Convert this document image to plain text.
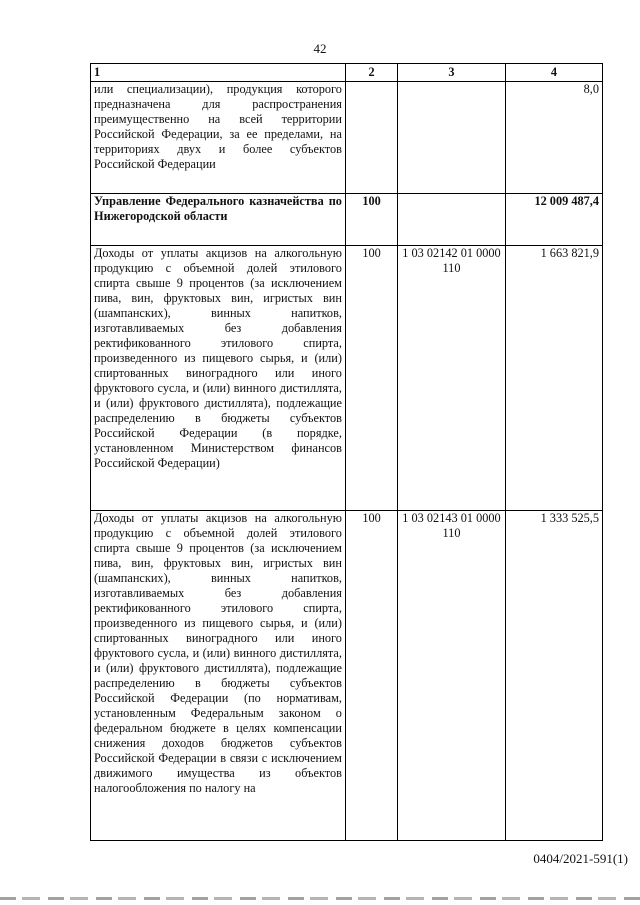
42
1	2	3	4
или специализации), продукция которого предназначена для распространения преимущественно на всей территории Российской Федерации, за ее пределами, на территориях двух и более субъектов Российской Федерации			8,0
Управление Федерального казначейства по Нижегородской области	100		12 009 487,4
Доходы от уплаты акцизов на алкогольную продукцию с объемной долей этилового спирта свыше 9 процентов (за исключением пива, вин, фруктовых вин, игристых вин (шампанских), винных напитков, изготавливаемых без добавления ректификованного этилового спирта, произведенного из пищевого сырья, и (или) спиртованных виноградного или иного фруктового сусла, и (или) винного дистиллята, и (или) фруктового дистиллята), подлежащие распределению в бюджеты субъектов Российской Федерации (в порядке, установленном Министерством финансов Российской Федерации)	100	1 03 02142 01 0000 110	1 663 821,9
Доходы от уплаты акцизов на алкогольную продукцию с объемной долей этилового спирта свыше 9 процентов (за исключением пива, вин, фруктовых вин, игристых вин (шампанских), винных напитков, изготавливаемых без добавления ректификованного этилового спирта, произведенного из пищевого сырья, и (или) спиртованных виноградного или иного фруктового сусла, и (или) винного дистиллята, и (или) фруктового дистиллята), подлежащие распределению в бюджеты субъектов Российской Федерации (по нормативам, установленным Федеральным законом о федеральном бюджете в целях компенсации снижения доходов бюджетов субъектов Российской Федерации в связи с исключением движимого имущества из объектов налогообложения по налогу на	100	1 03 02143 01 0000 110	1 333 525,5
0404/2021-591(1)
